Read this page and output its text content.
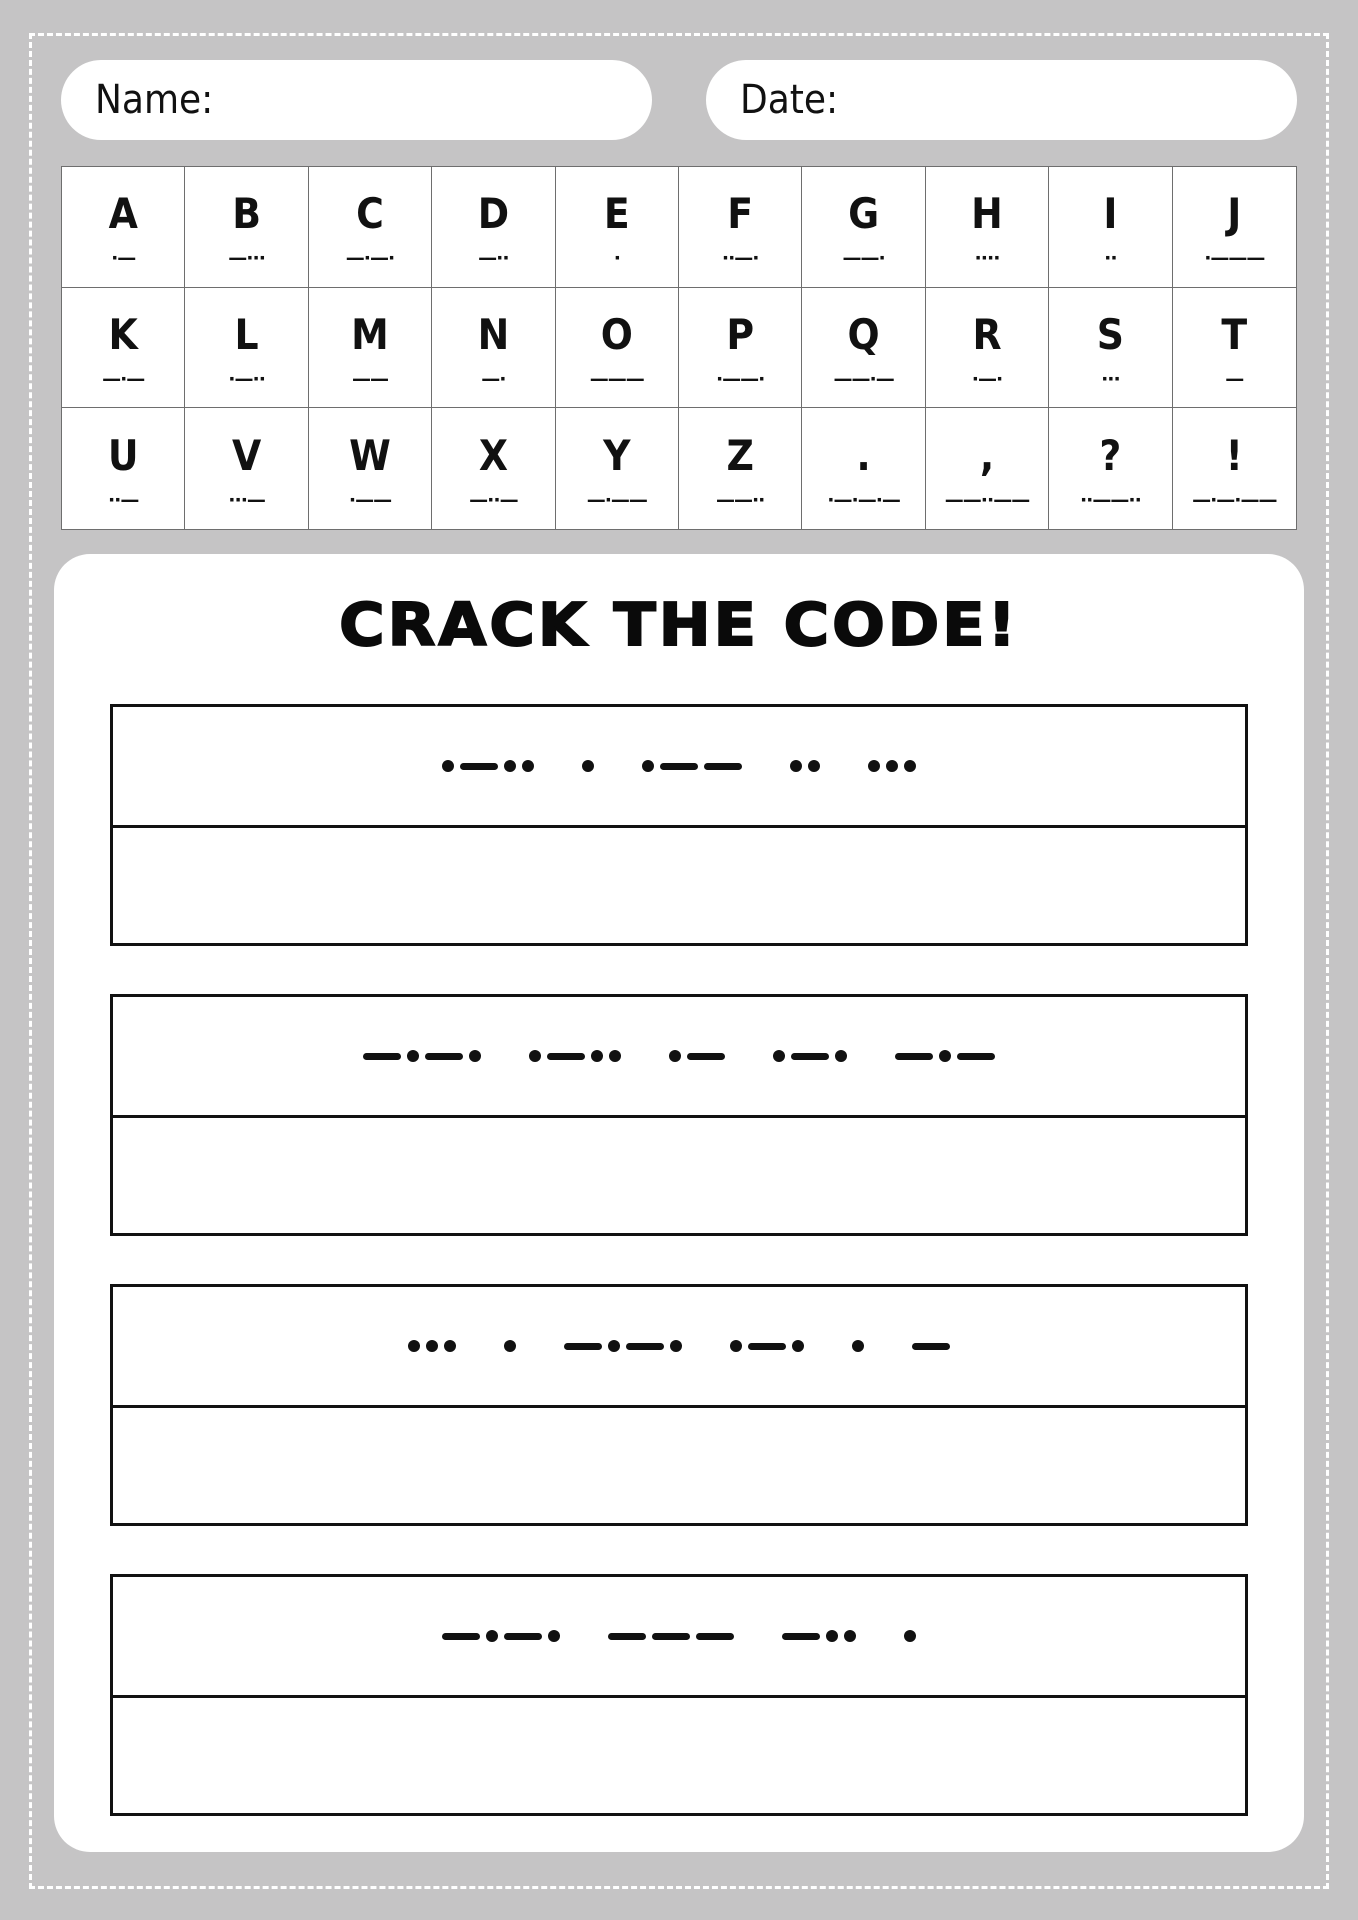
Name:	Date:
A
·—
B
—···
C
—·—·
D
—··
E
·
F
··—·
G
——·
H
····
I
··
J
·———
K
—·—
L
·—··
M
——
N
—·
O
———
P
·——·
Q
——·—
R
·—·
S
···
T
—
U
··—
V
···—
W
·——
X
—··—
Y
—·——
Z
——··
.
·—·—·—
,
——··——
?
··——··
!
—·—·——
CRACK THE CODE!
